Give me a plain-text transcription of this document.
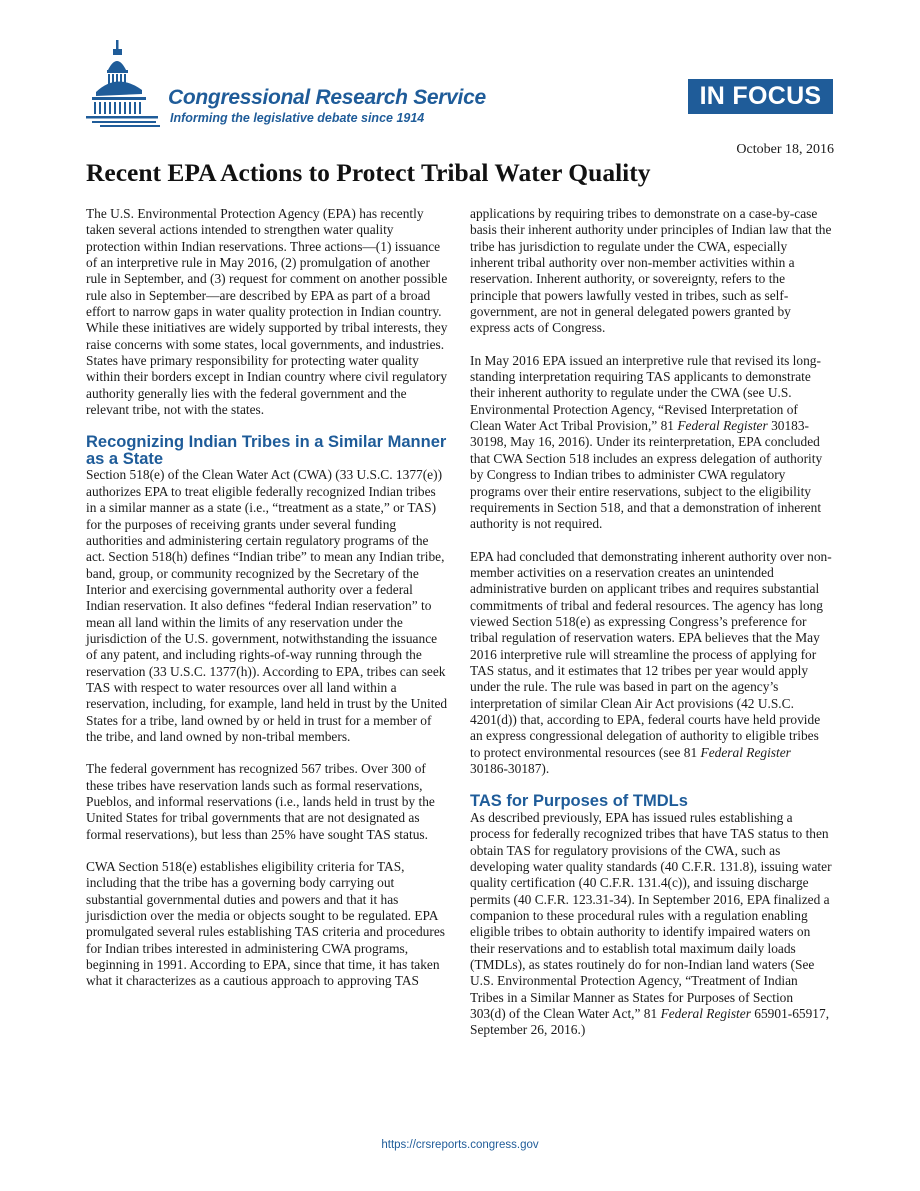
Congressional Research Service
Informing the legislative debate since 1914
IN FOCUS
October 18, 2016
Recent EPA Actions to Protect Tribal Water Quality

The U.S. Environmental Protection Agency (EPA) has recently taken several actions intended to strengthen water quality protection within Indian reservations. Three actions—(1) issuance of an interpretive rule in May 2016, (2) promulgation of another rule in September, and (3) request for comment on another possible rule also in September—are described by EPA as part of a broad effort to narrow gaps in water quality protection in Indian country. While these initiatives are widely supported by tribal interests, they raise concerns with some states, local governments, and industries. States have primary responsibility for protecting water quality within their borders except in Indian country where civil regulatory authority generally lies with the federal government and the relevant tribe, not with the states.

Recognizing Indian Tribes in a Similar Manner as a State

Section 518(e) of the Clean Water Act (CWA) (33 U.S.C. 1377(e)) authorizes EPA to treat eligible federally recognized Indian tribes in a similar manner as a state (i.e., “treatment as a state,” or TAS) for the purposes of receiving grants under several funding authorities and administering certain regulatory programs of the act. Section 518(h) defines “Indian tribe” to mean any Indian tribe, band, group, or community recognized by the Secretary of the Interior and exercising governmental authority over a federal Indian reservation. It also defines “federal Indian reservation” to mean all land within the limits of any reservation under the jurisdiction of the U.S. government, notwithstanding the issuance of any patent, and including rights-of-way running through the reservation (33 U.S.C. 1377(h)). According to EPA, tribes can seek TAS with respect to water resources over all land within a reservation, including, for example, land held in trust by the United States for a tribe, land owned by or held in trust for a member of the tribe, and land owned by non-tribal members.

The federal government has recognized 567 tribes. Over 300 of these tribes have reservation lands such as formal reservations, Pueblos, and informal reservations (i.e., lands held in trust by the United States for tribal governments that are not designated as formal reservations), but less than 25% have sought TAS status.

CWA Section 518(e) establishes eligibility criteria for TAS, including that the tribe has a governing body carrying out substantial governmental duties and powers and that it has jurisdiction over the media or objects sought to be regulated. EPA promulgated several rules establishing TAS criteria and procedures for Indian tribes interested in administering CWA programs, beginning in 1991. According to EPA, since that time, it has taken what it characterizes as a cautious approach to approving TAS

applications by requiring tribes to demonstrate on a case-by-case basis their inherent authority under principles of Indian law that the tribe has jurisdiction to regulate under the CWA, especially inherent tribal authority over non-member activities within a reservation. Inherent authority, or sovereignty, refers to the principle that powers lawfully vested in tribes, such as self-government, are not in general delegated powers granted by express acts of Congress.

In May 2016 EPA issued an interpretive rule that revised its long-standing interpretation requiring TAS applicants to demonstrate their inherent authority to regulate under the CWA (see U.S. Environmental Protection Agency, “Revised Interpretation of Clean Water Act Tribal Provision,” 81 Federal Register 30183-30198, May 16, 2016). Under its reinterpretation, EPA concluded that CWA Section 518 includes an express delegation of authority by Congress to Indian tribes to administer CWA regulatory programs over their entire reservations, subject to the eligibility requirements in Section 518, and that a demonstration of inherent authority is not required.

EPA had concluded that demonstrating inherent authority over non-member activities on a reservation creates an unintended administrative burden on applicant tribes and requires substantial commitments of tribal and federal resources. The agency has long viewed Section 518(e) as expressing Congress’s preference for tribal regulation of reservation waters. EPA believes that the May 2016 interpretive rule will streamline the process of applying for TAS status, and it estimates that 12 tribes per year would apply under the rule. The rule was based in part on the agency’s interpretation of similar Clean Air Act provisions (42 U.S.C. 4201(d)) that, according to EPA, federal courts have held provide an express congressional delegation of authority to eligible tribes to protect environmental resources (see 81 Federal Register 30186-30187).

TAS for Purposes of TMDLs

As described previously, EPA has issued rules establishing a process for federally recognized tribes that have TAS status to then obtain TAS for regulatory provisions of the CWA, such as developing water quality standards (40 C.F.R. 131.8), issuing water quality certification (40 C.F.R. 131.4(c)), and issuing discharge permits (40 C.F.R. 123.31-34). In September 2016, EPA finalized a companion to these procedural rules with a regulation enabling eligible tribes to obtain authority to identify impaired waters on their reservations and to establish total maximum daily loads (TMDLs), as states routinely do for non-Indian land waters (See U.S. Environmental Protection Agency, “Treatment of Indian Tribes in a Similar Manner as States for Purposes of Section 303(d) of the Clean Water Act,” 81 Federal Register 65901-65917, September 26, 2016.)

https://crsreports.congress.gov
